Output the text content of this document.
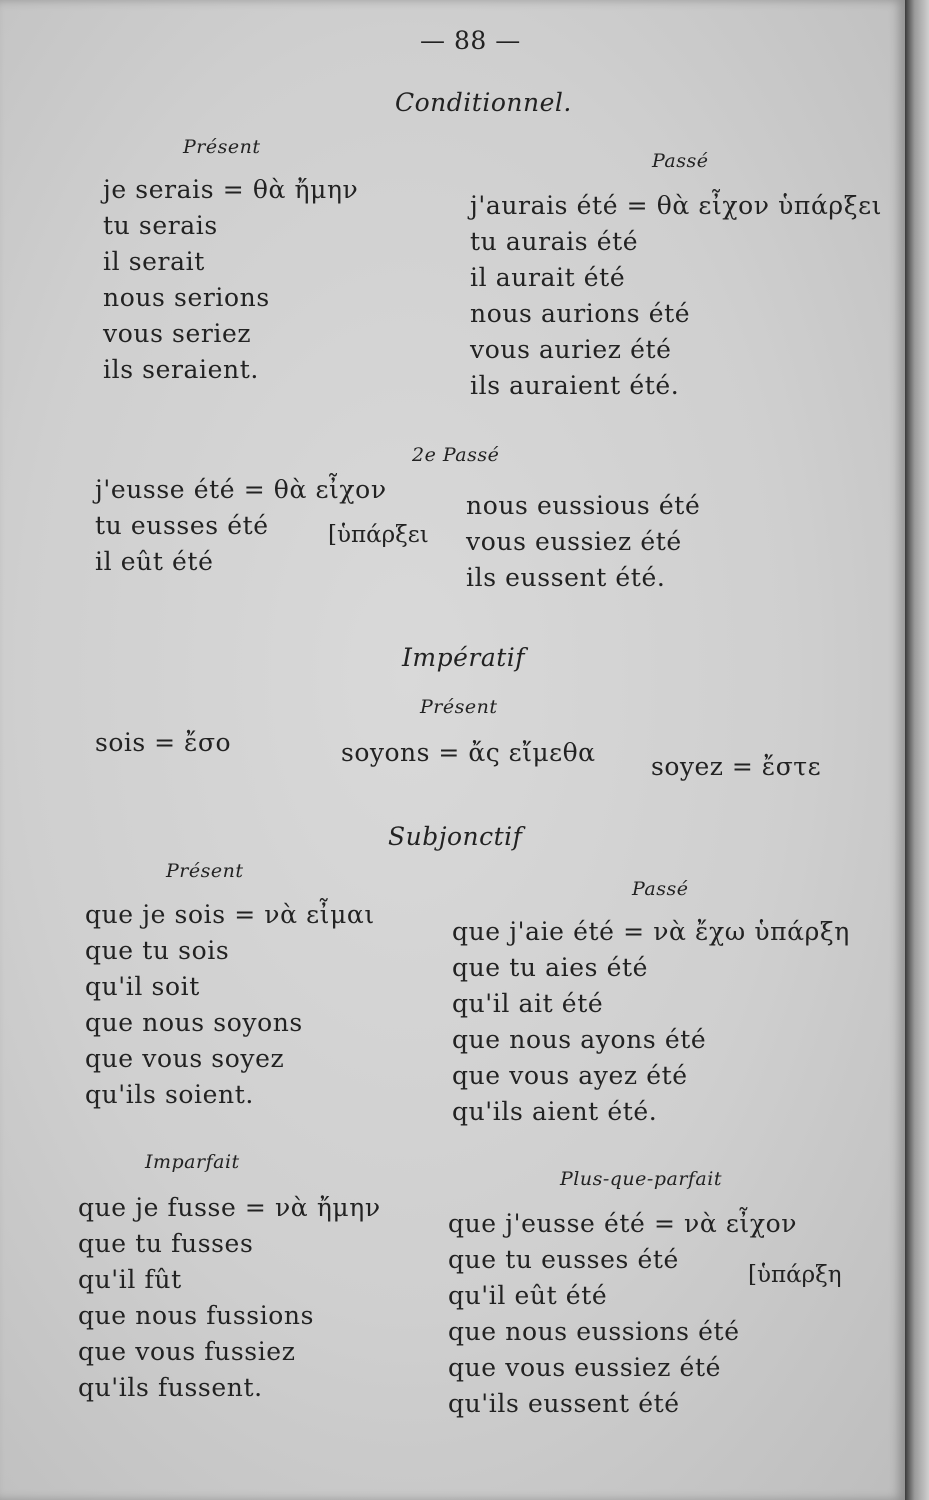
— 88 —
Conditionnel.
Présent
Passé
je serais = θὰ ἤμην
tu serais
il serait
nous serions
vous seriez
ils seraient.
j'aurais été = θὰ εἶχον ὑπάρξει
tu aurais été
il aurait été
nous aurions été
vous auriez été
ils auraient été.
2e Passé
j'eusse été = θὰ εἶχον
tu eusses été
il eût été
[ὑπάρξει
nous eussious été
vous eussiez été
ils eussent été.
Impératif
Présent
sois = ἔσο	soyons = ἄς εἴμεθα soyez = ἔστε
Subjonctif
Présent
Passé
que je sois = νὰ εἶμαι
que tu sois
qu'il soit
que nous soyons
que vous soyez
qu'ils soient.
que j'aie été = νὰ ἔχω ὑπάρξη
que tu aies été
qu'il ait été
que nous ayons été
que vous ayez été
qu'ils aient été.
Imparfait
Plus-que-parfait
que je fusse = νὰ ἤμην
que tu fusses
qu'il fût
que nous fussions
que vous fussiez
qu'ils fussent.
que j'eusse été = νὰ εἶχον
que tu eusses été
qu'il eût été
que nous eussions été
que vous eussiez été
qu'ils eussent été
[ὑπάρξη
